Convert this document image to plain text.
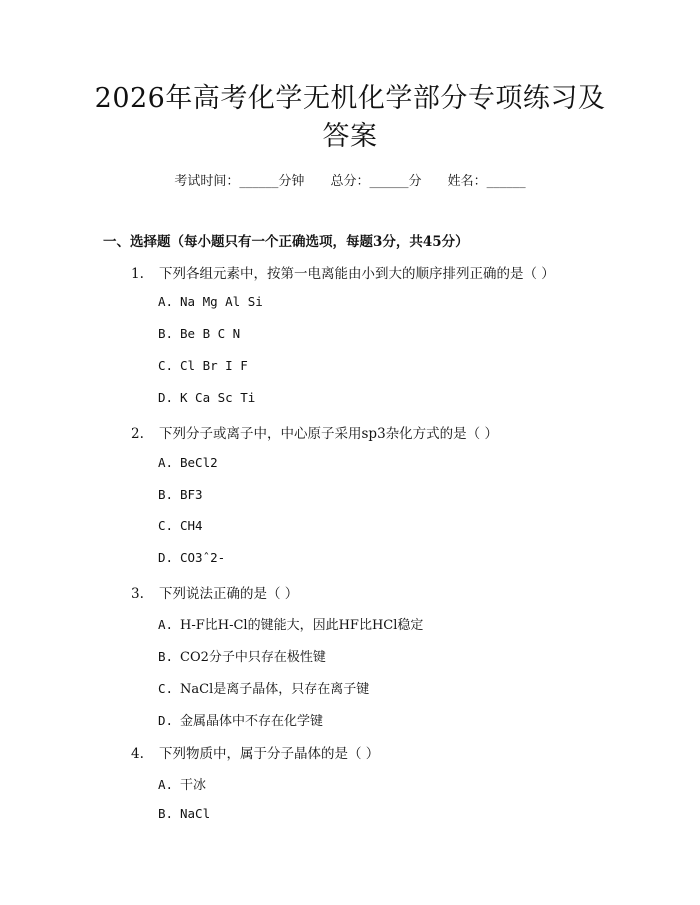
2026年高考化学无机化学部分专项练习及答案
考试时间：______分钟 总分：______分 姓名：______
一、选择题（每小题只有一个正确选项，每题3分，共45分）
1. 下列各组元素中，按第一电离能由小到大的顺序排列正确的是（ ）
A. Na Mg Al Si
B. Be B C N
C. Cl Br I F
D. K Ca Sc Ti
2. 下列分子或离子中，中心原子采用sp3杂化方式的是（ ）
A. BeCl2
B. BF3
C. CH4
D. CO3ˆ2-
3. 下列说法正确的是（ ）
A. H-F比H-Cl的键能大，因此HF比HCl稳定
B. CO2分子中只存在极性键
C. NaCl是离子晶体，只存在离子键
D. 金属晶体中不存在化学键
4. 下列物质中，属于分子晶体的是（ ）
A. 干冰
B. NaCl
